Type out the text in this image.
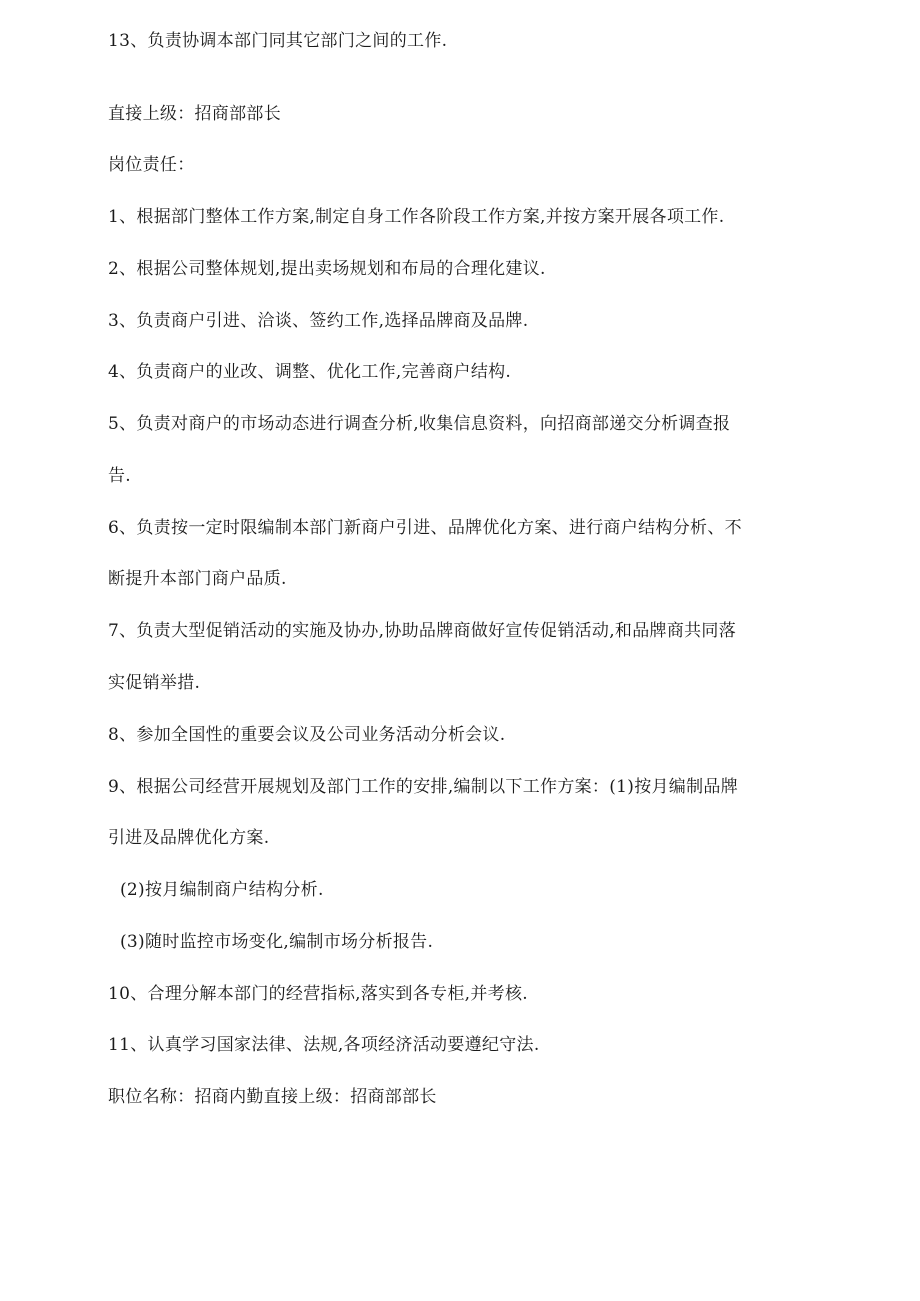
13、负责协调本部门同其它部门之间的工作.
直接上级：招商部部长
岗位责任：
1、根据部门整体工作方案,制定自身工作各阶段工作方案,并按方案开展各项工作.
2、根据公司整体规划,提出卖场规划和布局的合理化建议.
3、负责商户引进、洽谈、签约工作,选择品牌商及品牌.
4、负责商户的业改、调整、优化工作,完善商户结构.
5、负责对商户的市场动态进行调查分析,收集信息资料，向招商部递交分析调查报
告.
6、负责按一定时限编制本部门新商户引进、品牌优化方案、进行商户结构分析、不
断提升本部门商户品质.
7、负责大型促销活动的实施及协办,协助品牌商做好宣传促销活动,和品牌商共同落
实促销举措.
8、参加全国性的重要会议及公司业务活动分析会议.
9、根据公司经营开展规划及部门工作的安排,编制以下工作方案：(1)按月编制品牌
引进及品牌优化方案.
(2)按月编制商户结构分析.
(3)随时监控市场变化,编制市场分析报告.
10、合理分解本部门的经营指标,落实到各专柜,并考核.
11、认真学习国家法律、法规,各项经济活动要遵纪守法.
职位名称：招商内勤直接上级：招商部部长
